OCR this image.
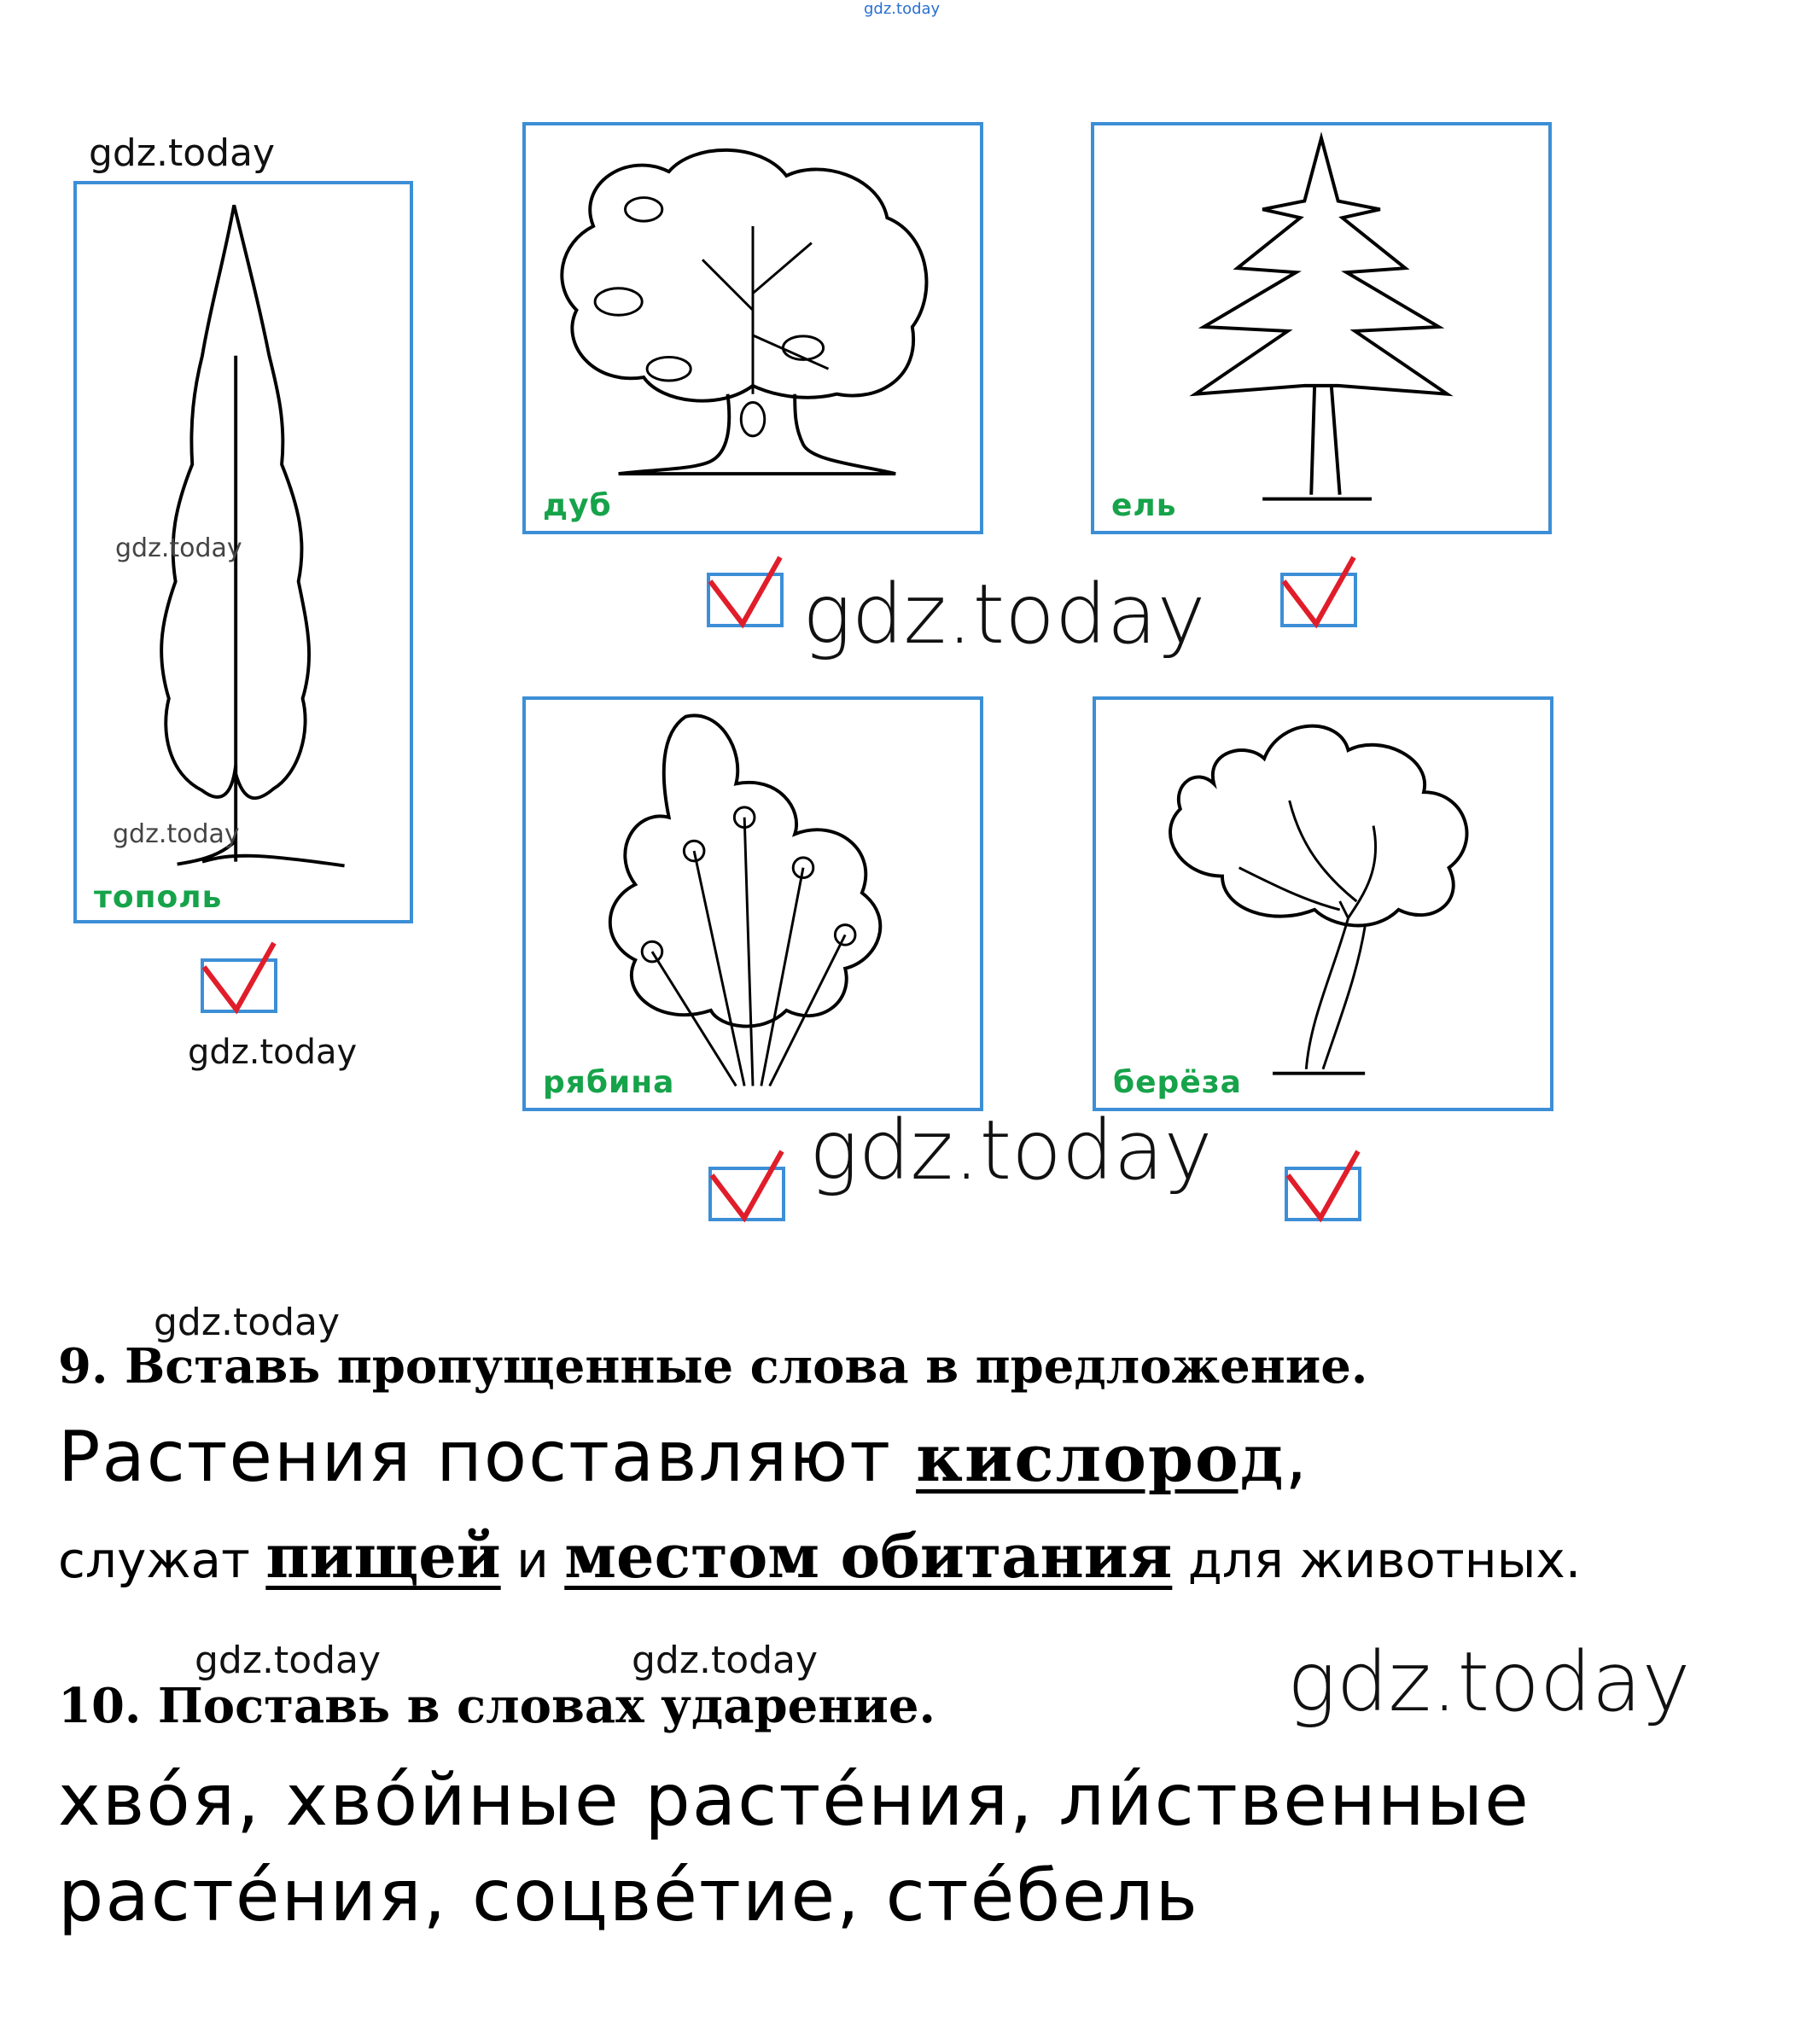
gdz.today
тополь
дуб	ель
рябина	берёза
gdz.today
gdz.today
gdz.today
gdz.today
gdz.today
gdz.today
gdz.today
gdz.today	gdz.today	gdz.today
9. Вставь пропущенные слова в предложение.
Растения поставляют кислород,
служат пищей и местом обитания для животных.
10. Поставь в словах ударение.
хво́я, хво́йные расте́ния, ли́ственные
расте́ния, соцве́тие, сте́бель
